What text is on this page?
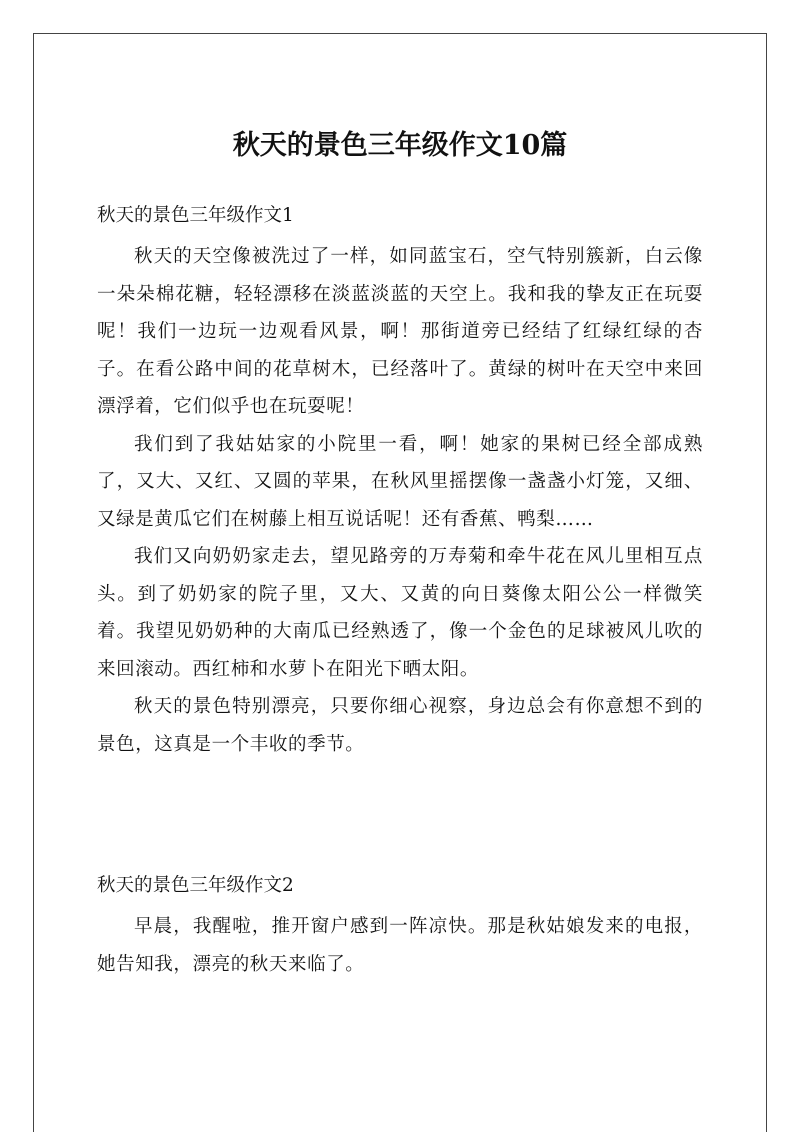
秋天的景色三年级作文10篇

秋天的景色三年级作文1

秋天的天空像被洗过了一样，如同蓝宝石，空气特别簇新，白云像一朵朵棉花糖，轻轻漂移在淡蓝淡蓝的天空上。我和我的挚友正在玩耍呢！我们一边玩一边观看风景，啊！那街道旁已经结了红绿红绿的杏子。在看公路中间的花草树木，已经落叶了。黄绿的树叶在天空中来回漂浮着，它们似乎也在玩耍呢！

我们到了我姑姑家的小院里一看，啊！她家的果树已经全部成熟了，又大、又红、又圆的苹果，在秋风里摇摆像一盏盏小灯笼，又细、又绿是黄瓜它们在树藤上相互说话呢！还有香蕉、鸭梨……

我们又向奶奶家走去，望见路旁的万寿菊和牵牛花在风儿里相互点头。到了奶奶家的院子里，又大、又黄的向日葵像太阳公公一样微笑着。我望见奶奶种的大南瓜已经熟透了，像一个金色的足球被风儿吹的来回滚动。西红柿和水萝卜在阳光下晒太阳。

秋天的景色特别漂亮，只要你细心视察，身边总会有你意想不到的景色，这真是一个丰收的季节。

秋天的景色三年级作文2

早晨，我醒啦，推开窗户感到一阵凉快。那是秋姑娘发来的电报，她告知我，漂亮的秋天来临了。
